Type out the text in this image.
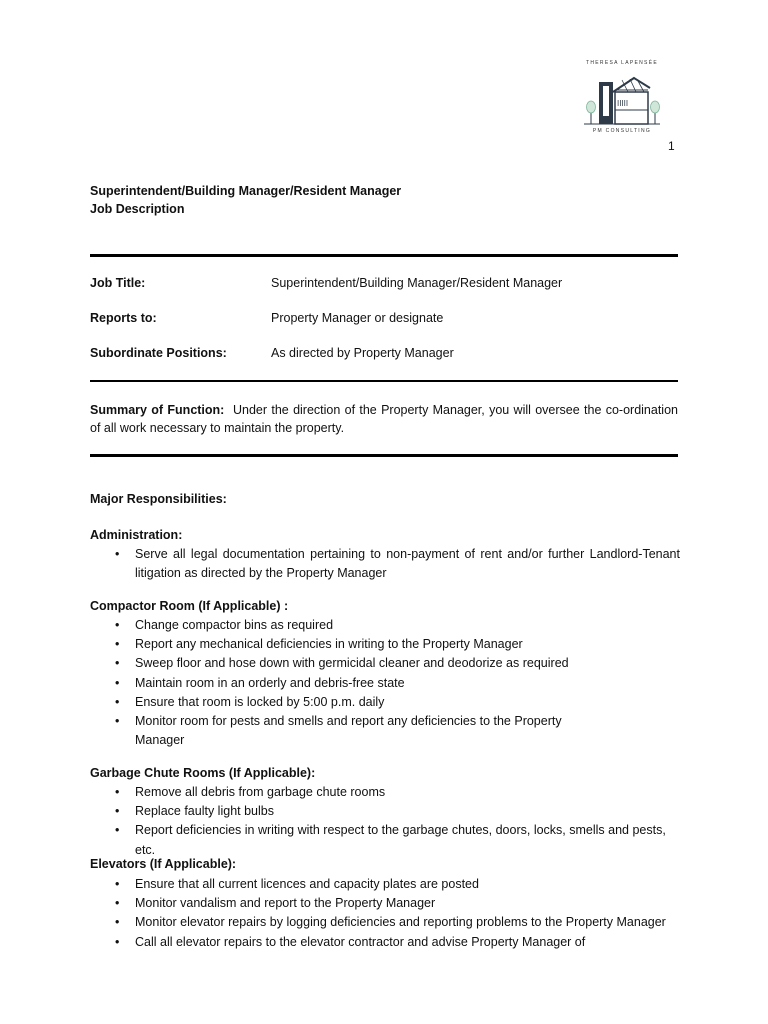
THERESA LAPENSÉE
IIIII
PM CONSULTING
1
Superintendent/Building Manager/Resident Manager
Job Description
Job Title:	Superintendent/Building Manager/Resident Manager
Reports to:	Property Manager or designate
Subordinate Positions:	As directed by Property Manager
Summary of Function: Under the direction of the Property Manager, you will oversee the co-ordination of all work necessary to maintain the property.
Major Responsibilities:
Administration:
• Serve all legal documentation pertaining to non-payment of rent and/or further Landlord-Tenant litigation as directed by the Property Manager
Compactor Room (If Applicable) :
• Change compactor bins as required
• Report any mechanical deficiencies in writing to the Property Manager
• Sweep floor and hose down with germicidal cleaner and deodorize as required
• Maintain room in an orderly and debris-free state
• Ensure that room is locked by 5:00 p.m. daily
• Monitor room for pests and smells and report any deficiencies to the Property Manager
Garbage Chute Rooms (If Applicable):
• Remove all debris from garbage chute rooms
• Replace faulty light bulbs
• Report deficiencies in writing with respect to the garbage chutes, doors, locks, smells and pests, etc.
Elevators (If Applicable):
• Ensure that all current licences and capacity plates are posted
• Monitor vandalism and report to the Property Manager
• Monitor elevator repairs by logging deficiencies and reporting problems to the Property Manager
• Call all elevator repairs to the elevator contractor and advise Property Manager of
